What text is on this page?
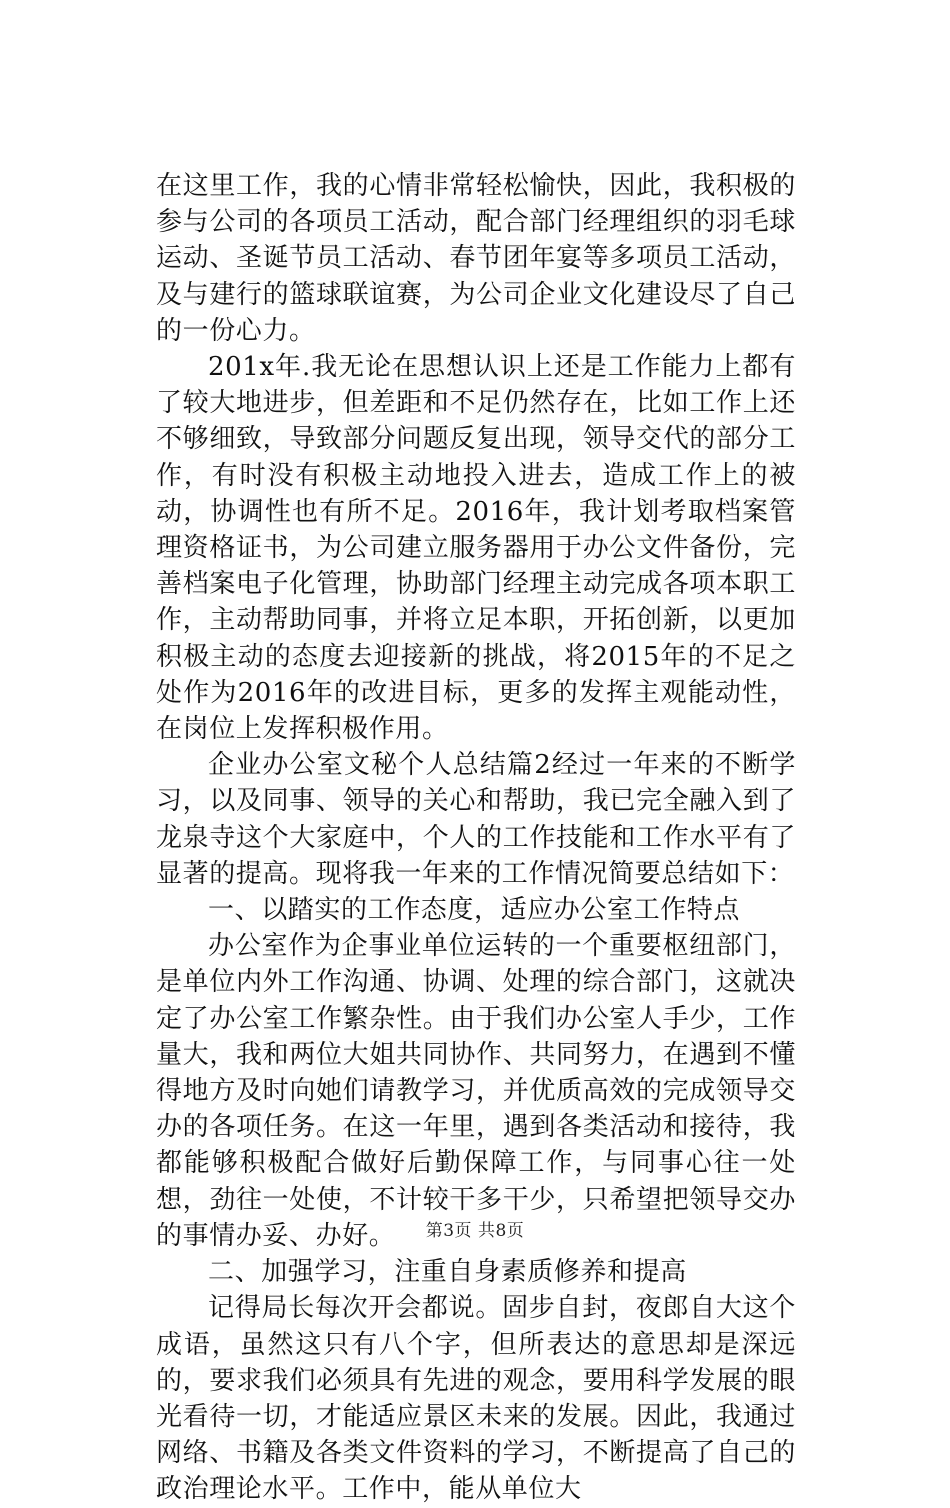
在这里工作，我的心情非常轻松愉快，因此，我积极的参与公司的各项员工活动，配合部门经理组织的羽毛球运动、圣诞节员工活动、春节团年宴等多项员工活动，及与建行的篮球联谊赛，为公司企业文化建设尽了自己的一份心力。

201x年.我无论在思想认识上还是工作能力上都有了较大地进步，但差距和不足仍然存在，比如工作上还不够细致，导致部分问题反复出现，领导交代的部分工作，有时没有积极主动地投入进去，造成工作上的被动，协调性也有所不足。2016年，我计划考取档案管理资格证书，为公司建立服务器用于办公文件备份，完善档案电子化管理，协助部门经理主动完成各项本职工作，主动帮助同事，并将立足本职，开拓创新，以更加积极主动的态度去迎接新的挑战，将2015年的不足之处作为2016年的改进目标，更多的发挥主观能动性，在岗位上发挥积极作用。

企业办公室文秘个人总结篇2经过一年来的不断学习，以及同事、领导的关心和帮助，我已完全融入到了龙泉寺这个大家庭中，个人的工作技能和工作水平有了显著的提高。现将我一年来的工作情况简要总结如下：

一、以踏实的工作态度，适应办公室工作特点

办公室作为企事业单位运转的一个重要枢纽部门，是单位内外工作沟通、协调、处理的综合部门，这就决定了办公室工作繁杂性。由于我们办公室人手少，工作量大，我和两位大姐共同协作、共同努力，在遇到不懂得地方及时向她们请教学习，并优质高效的完成领导交办的各项任务。在这一年里，遇到各类活动和接待，我都能够积极配合做好后勤保障工作，与同事心往一处想，劲往一处使，不计较干多干少，只希望把领导交办的事情办妥、办好。

二、加强学习，注重自身素质修养和提高

记得局长每次开会都说。固步自封，夜郎自大这个成语，虽然这只有八个字，但所表达的意思却是深远的，要求我们必须具有先进的观念，要用科学发展的眼光看待一切，才能适应景区未来的发展。因此，我通过网络、书籍及各类文件资料的学习，不断提高了自己的政治理论水平。工作中，能从单位大

第3页 共8页
